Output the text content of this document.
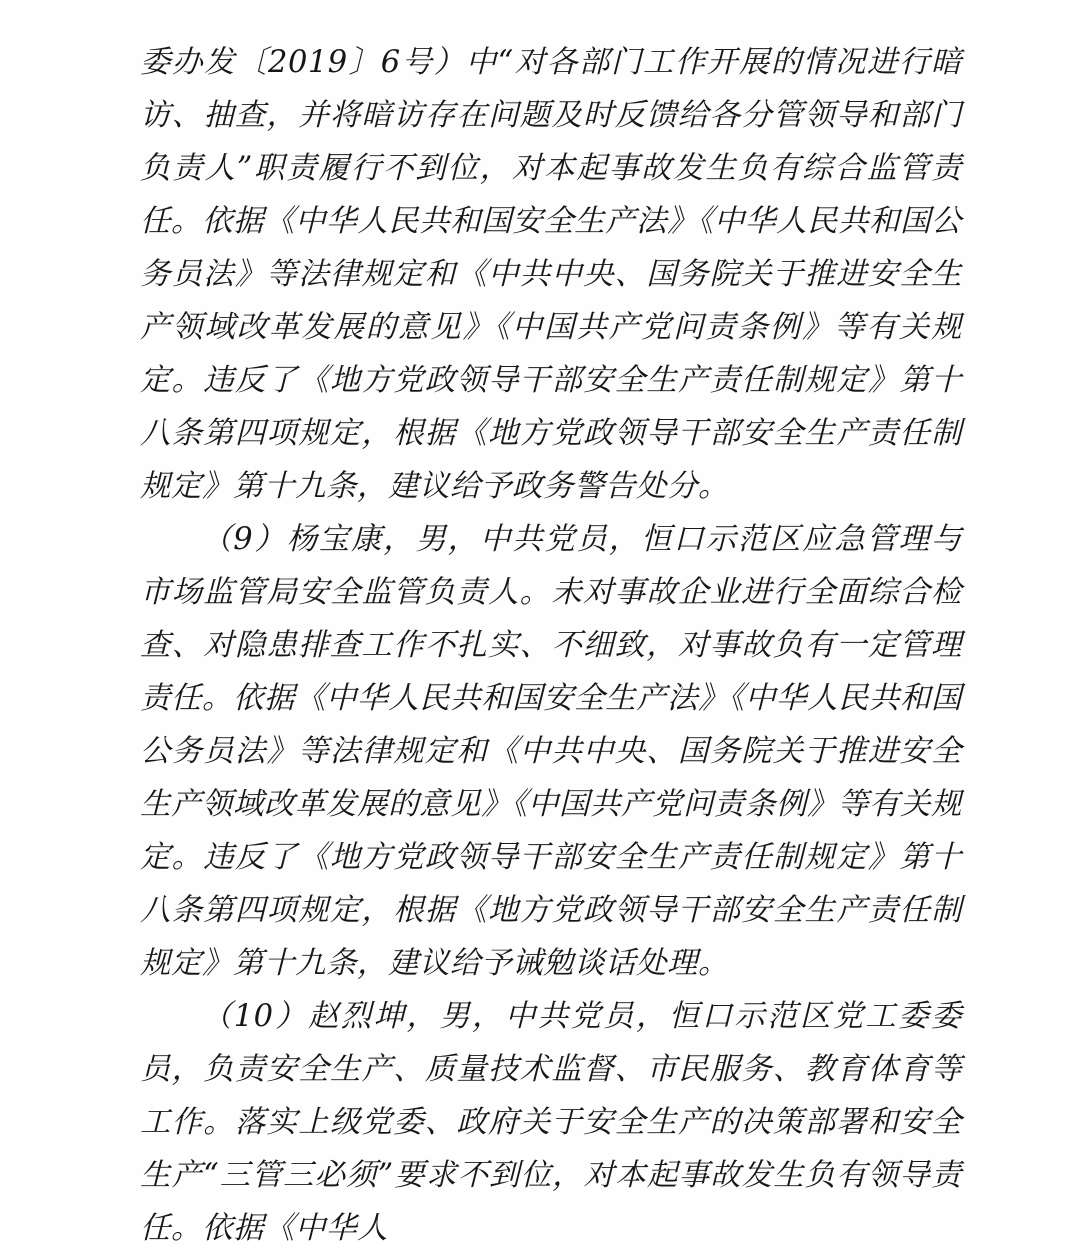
委办发〔2019〕6号）中“对各部门工作开展的情况进行暗访、抽查，并将暗访存在问题及时反馈给各分管领导和部门负责人”职责履行不到位，对本起事故发生负有综合监管责任。依据《中华人民共和国安全生产法》《中华人民共和国公务员法》等法律规定和《中共中央、国务院关于推进安全生产领域改革发展的意见》《中国共产党问责条例》等有关规定。违反了《地方党政领导干部安全生产责任制规定》第十八条第四项规定，根据《地方党政领导干部安全生产责任制规定》第十九条，建议给予政务警告处分。

（9）杨宝康，男，中共党员，恒口示范区应急管理与市场监管局安全监管负责人。未对事故企业进行全面综合检查、对隐患排查工作不扎实、不细致，对事故负有一定管理责任。依据《中华人民共和国安全生产法》《中华人民共和国公务员法》等法律规定和《中共中央、国务院关于推进安全生产领域改革发展的意见》《中国共产党问责条例》等有关规定。违反了《地方党政领导干部安全生产责任制规定》第十八条第四项规定，根据《地方党政领导干部安全生产责任制规定》第十九条，建议给予诫勉谈话处理。

（10）赵烈坤，男，中共党员，恒口示范区党工委委员，负责安全生产、质量技术监督、市民服务、教育体育等工作。落实上级党委、政府关于安全生产的决策部署和安全生产“三管三必须”要求不到位，对本起事故发生负有领导责任。依据《中华人
